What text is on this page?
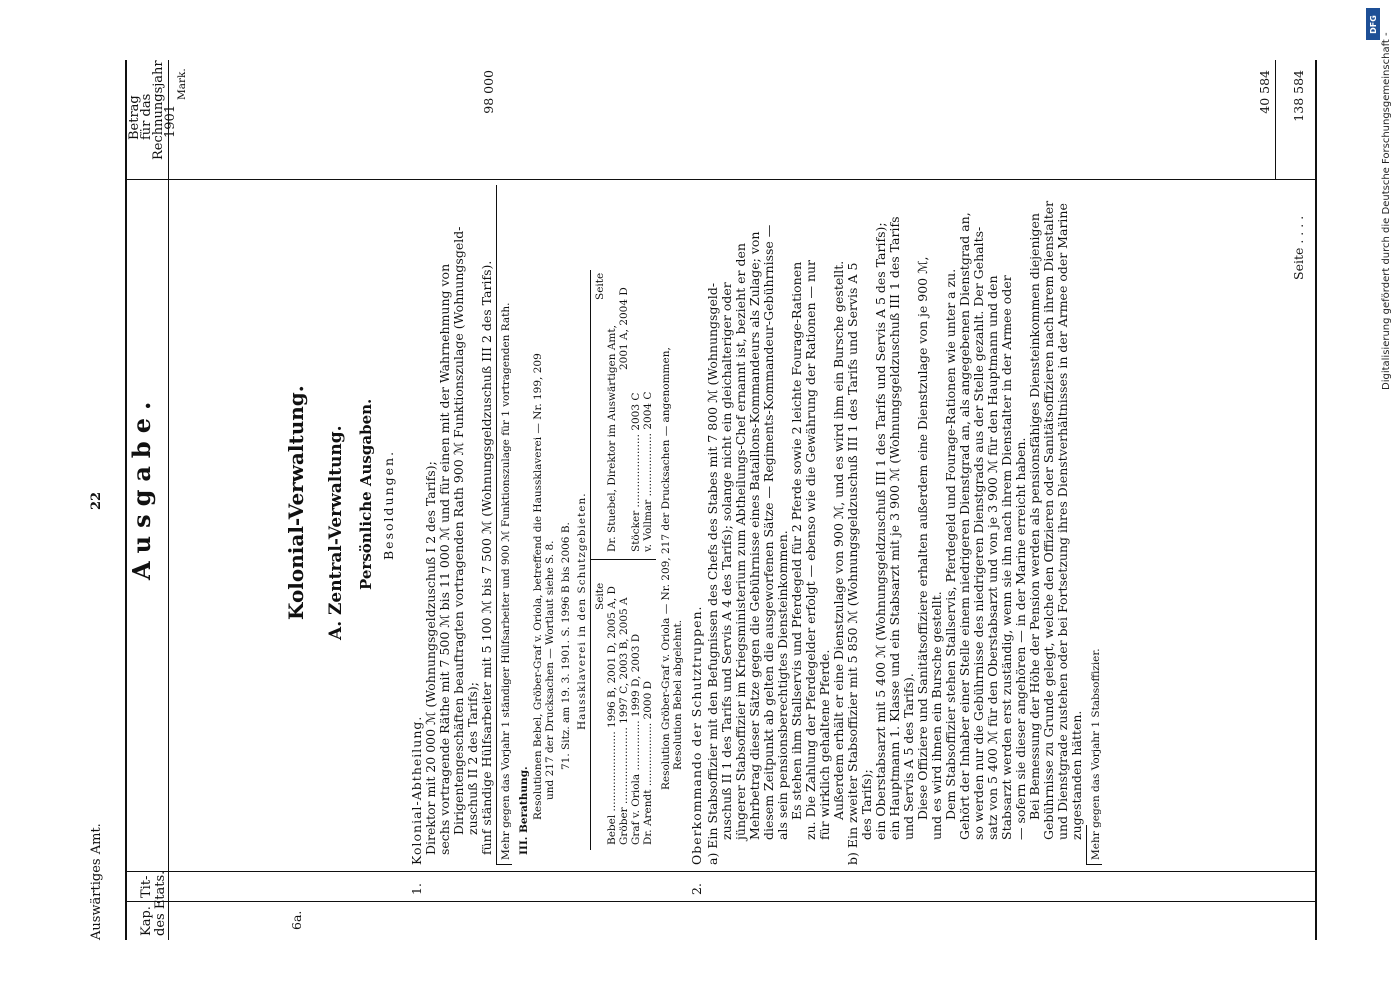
Auswärtiges Amt.
22
Kap.
Tit- des Etats.
Ausgabe.
Betrag
für das
Rechnungsjahr
1901
Mark.
6a.
Kolonial-Verwaltung. A. Zentral-Verwaltung. Persönliche Ausgaben. Besoldungen.
1.
Kolonial-Abtheilung. Direktor mit 20 000 ℳ (Wohnungsgeldzuschuß I 2 des Tarifs); sechs vortragende Räthe mit 7 500 ℳ bis 11 000 ℳ und für einen mit der Wahrnehmung von Dirigentengeschäften beauftragten vortragenden Rath 900 ℳ Funktionszulage (Wohnungsgeld- zuschuß II 2 des Tarifs); fünf ständige Hülfsarbeiter mit 5 100 ℳ bis 7 500 ℳ (Wohnungsgeldzuschuß III 2 des Tarifs).
98 000
Mehr gegen das Vorjahr 1 ständiger Hülfsarbeiter und 900 ℳ Funktionszulage für 1 vortragenden Rath. III. Berathung. Resolutionen Bebel, Gröber-Graf v. Oriola, betreffend die Haussklaverei — Nr. 199, 209 und 217 der Drucksachen — Wortlaut siehe S. 8. 71. Sitz. am 19. 3. 1901. S. 1996 B bis 2006 B. Haussklaverei in den Schutzgebieten. Seite
Seite
Bebel ........................ 1996 B, 2001 D, 2005 A, D Gröber ....................... 1997 C, 2003 B, 2005 A Graf v. Oriola ............... 1999 D, 2003 D Dr. Arendt ................... 2000 D
Dr. Stuebel, Direktor im Auswärtigen Amt, 2001 A, 2004 D
Stöcker ...................... 2003 C v. Vollmar ................... 2004 C Resolution Gröber-Graf v. Oriola — Nr. 209, 217 der Drucksachen — angenommen, Resolution Bebel abgelehnt.
2.
Oberkommando der Schutztruppen. a) Ein Stabsoffizier mit den Befugnissen des Chefs des Stabes mit 7 800 ℳ (Wohnungsgeld- zuschuß II 1 des Tarifs und Servis A 4 des Tarifs); solange nicht ein gleichalteriger oder jüngerer Stabsoffizier im Kriegsministerium zum Abtheilungs-Chef ernannt ist, bezieht er den Mehrbetrag dieser Sätze gegen die Gebührnisse eines Bataillons-Kommandeurs als Zulage; von diesem Zeitpunkt ab gelten die ausgeworfenen Sätze — Regiments-Kommandeur-Gebührnisse — als sein pensionsberechtigtes Diensteinkommen. Es stehen ihm Stallservis und Pferdegeld für 2 Pferde sowie 2 leichte Fourage-Rationen zu. Die Zahlung der Pferdegelder erfolgt — ebenso wie die Gewährung der Rationen — nur für wirklich gehaltene Pferde. Außerdem erhält er eine Dienstzulage von 900 ℳ, und es wird ihm ein Bursche gestellt. b) Ein zweiter Stabsoffizier mit 5 850 ℳ (Wohnungsgeldzuschuß III 1 des Tarifs und Servis A 5 des Tarifs); ein Oberstabsarzt mit 5 400 ℳ (Wohnungsgeldzuschuß III 1 des Tarifs und Servis A 5 des Tarifs); ein Hauptmann 1. Klasse und ein Stabsarzt mit je 3 900 ℳ (Wohnungsgeldzuschuß III 1 des Tarifs und Servis A 5 des Tarifs). Diese Offiziere und Sanitätsoffiziere erhalten außerdem eine Dienstzulage von je 900 ℳ, und es wird ihnen ein Bursche gestellt. Dem Stabsoffizier stehen Stallservis, Pferdegeld und Fourage-Rationen wie unter a zu. Gehört der Inhaber einer Stelle einem niedrigeren Dienstgrad an, als angegebenen Dienstgrad an, so werden nur die Gebührnisse des niedrigeren Dienstgrads aus der Stelle gezahlt. Der Gehalts- satz von 5 400 ℳ für den Oberstabsarzt und von je 3 900 ℳ für den Hauptmann und den Stabsarzt werden erst zuständig, wenn sie ihn nach ihrem Dienstalter in der Armee oder — sofern sie dieser angehören — in der Marine erreicht haben. Bei Bemessung der Höhe der Pension werden als pensionsfähiges Diensteinkommen diejenigen Gebührnisse zu Grunde gelegt, welche den Offizieren oder Sanitätsoffizieren nach ihrem Dienstalter und Dienstgrade zustehen oder bei Fortsetzung ihres Dienstverhältnisses in der Armee oder Marine zugestanden hätten.
40 584
Mehr gegen das Vorjahr 1 Stabsoffizier.
Seite . . . .
138 584	Digitalisierung gefördert durch die Deutsche Forschungsgemeinschaft -
DFG
